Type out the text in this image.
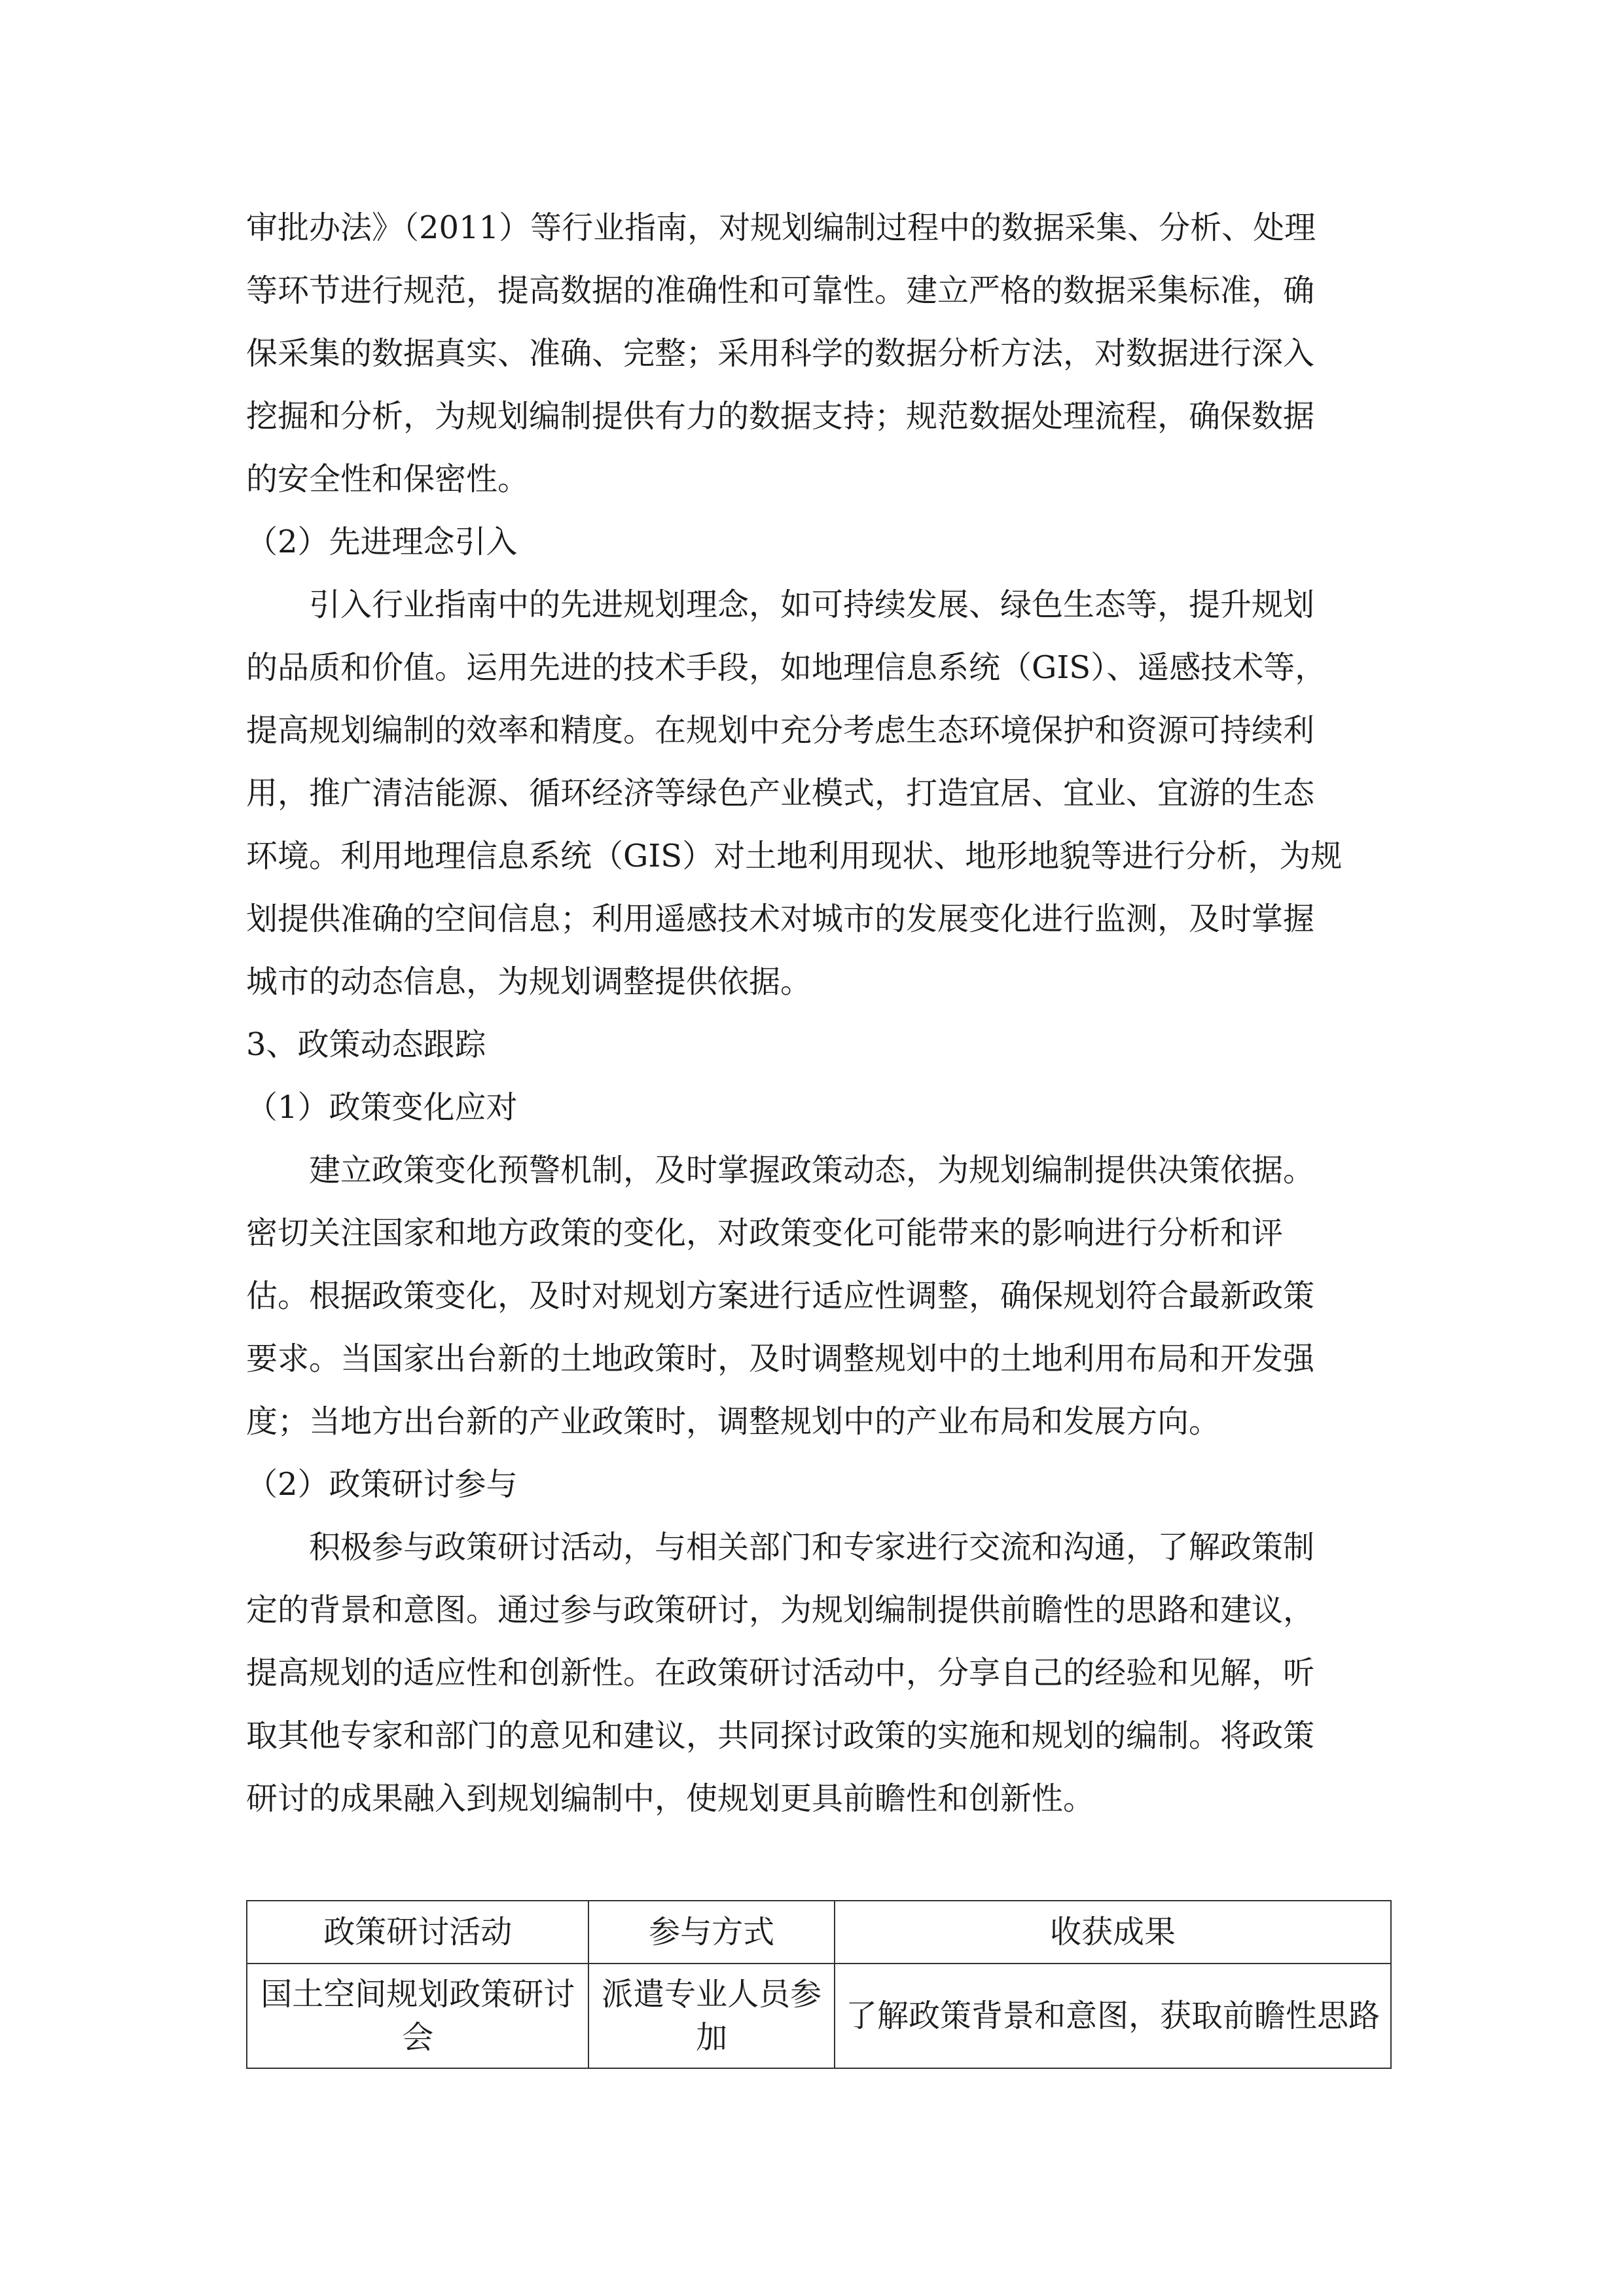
审批办法》（2011）等行业指南，对规划编制过程中的数据采集、分析、处理
等环节进行规范，提高数据的准确性和可靠性。建立严格的数据采集标准，确
保采集的数据真实、准确、完整；采用科学的数据分析方法，对数据进行深入
挖掘和分析，为规划编制提供有力的数据支持；规范数据处理流程，确保数据
的安全性和保密性。
（2）先进理念引入
引入行业指南中的先进规划理念，如可持续发展、绿色生态等，提升规划
的品质和价值。运用先进的技术手段，如地理信息系统（GIS）、遥感技术等，
提高规划编制的效率和精度。在规划中充分考虑生态环境保护和资源可持续利
用，推广清洁能源、循环经济等绿色产业模式，打造宜居、宜业、宜游的生态
环境。利用地理信息系统（GIS）对土地利用现状、地形地貌等进行分析，为规
划提供准确的空间信息；利用遥感技术对城市的发展变化进行监测，及时掌握
城市的动态信息，为规划调整提供依据。
3、政策动态跟踪
（1）政策变化应对
建立政策变化预警机制，及时掌握政策动态，为规划编制提供决策依据。
密切关注国家和地方政策的变化，对政策变化可能带来的影响进行分析和评
估。根据政策变化，及时对规划方案进行适应性调整，确保规划符合最新政策
要求。当国家出台新的土地政策时，及时调整规划中的土地利用布局和开发强
度；当地方出台新的产业政策时，调整规划中的产业布局和发展方向。
（2）政策研讨参与
积极参与政策研讨活动，与相关部门和专家进行交流和沟通，了解政策制
定的背景和意图。通过参与政策研讨，为规划编制提供前瞻性的思路和建议，
提高规划的适应性和创新性。在政策研讨活动中，分享自己的经验和见解，听
取其他专家和部门的意见和建议，共同探讨政策的实施和规划的编制。将政策
研讨的成果融入到规划编制中，使规划更具前瞻性和创新性。
政策研讨活动	参与方式	收获成果
国土空间规划政策研讨会	派遣专业人员参加	了解政策背景和意图，获取前瞻性思路
